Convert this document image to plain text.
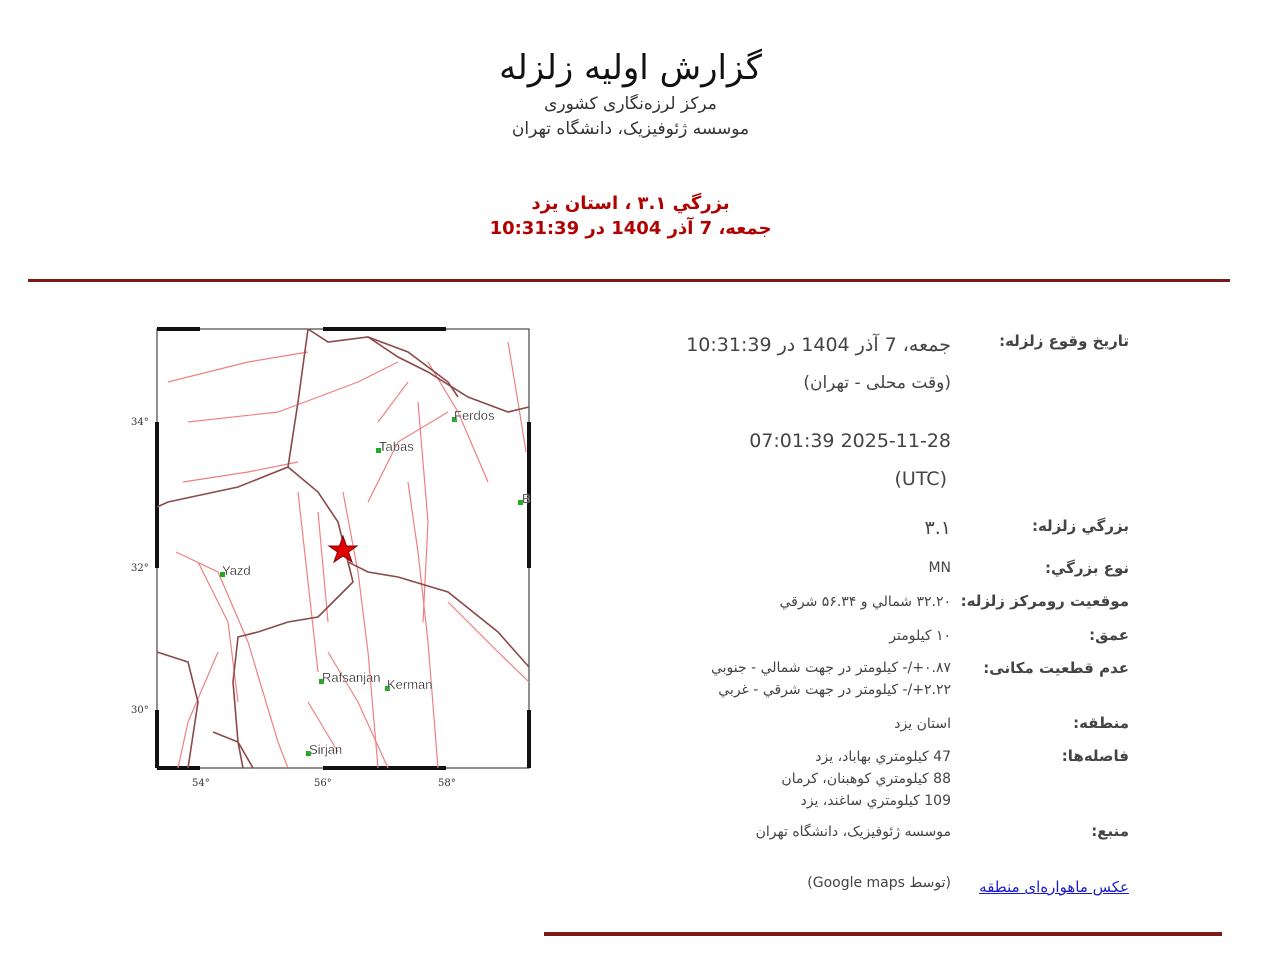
گزارش اولیه زلزله
مرکز لرزه‌نگاری کشوری
موسسه ژئوفیزیک، دانشگاه تهران
بزرگي ۳.۱ ، استان يزد
جمعه، 7 آذر 1404 در 10:31:39
Ferdos
Tabas
Yazd
Rafsanjan Kerman
Sirjan
B
34°
32°
30°
54°	56°	58°
تاريخ وقوع زلزله:
جمعه، 7 آذر 1404 در 10:31:39
(وقت محلی - تهران)
2025-11-28 07:01:39
(UTC)
بزرگي زلزله:
۳.۱
نوع بزرگي:
MN
موقعيت رومرکز زلزله:
۳۲.۲۰ شمالي و ۵۶.۳۴ شرقي
عمق:
۱۰ کيلومتر
عدم قطعيت مکانی:

۰.۸۷+/- کيلومتر در جهت شمالي - جنوبي

۲.۲۲+/- کيلومتر در جهت شرقي - غربي

منطقه:
استان يزد
فاصله‌ها:

47 کيلومتري بهاباد، يزد

88 کيلومتري کوهبنان، کرمان

109 کيلومتري ساغند، يزد

منبع:
موسسه ژئوفيزيک، دانشگاه تهران
عکس ماهواره‌ای منطقه
(توسط Google maps)
